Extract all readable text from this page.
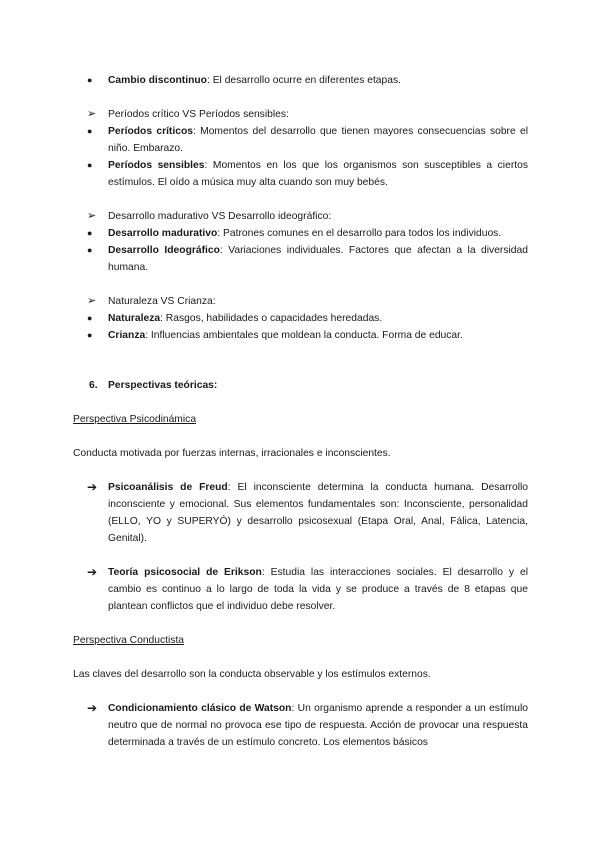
●	Cambio discontinuo: El desarrollo ocurre en diferentes etapas.
➢	Períodos crítico VS Períodos sensibles:
●	Períodos críticos: Momentos del desarrollo que tienen mayores consecuencias sobre el niño. Embarazo.
●	Períodos sensibles: Momentos en los que los organismos son susceptibles a ciertos estímulos. El oído a música muy alta cuando son muy bebés.
➢	Desarrollo madurativo VS Desarrollo ideográfico:
●	Desarrollo madurativo: Patrones comunes en el desarrollo para todos los individuos.
●	Desarrollo Ideográfico: Variaciones individuales. Factores que afectan a la diversidad humana.
➢	Naturaleza VS Crianza:
●	Naturaleza: Rasgos, habilidades o capacidades heredadas.
●	Crianza: Influencias ambientales que moldean la conducta. Forma de educar.
6. Perspectivas teóricas:
Perspectiva Psicodinámica
Conducta motivada por fuerzas internas, irracionales e inconscientes.
➔	Psicoanálisis de Freud: El inconsciente determina la conducta humana. Desarrollo inconsciente y emocional. Sus elementos fundamentales son: Inconsciente, personalidad (ELLO, YO y SUPERYÓ) y desarrollo psicosexual (Etapa Oral, Anal, Fálica, Latencia, Genital).
➔	Teoría psicosocial de Erikson: Estudia las interacciones sociales. El desarrollo y el cambio es continuo a lo largo de toda la vida y se produce a través de 8 etapas que plantean conflictos que el individuo debe resolver.
Perspectiva Conductista
Las claves del desarrollo son la conducta observable y los estímulos externos.
➔	Condicionamiento clásico de Watson: Un organismo aprende a responder a un estímulo neutro que de normal no provoca ese tipo de respuesta. Acción de provocar una respuesta determinada a través de un estímulo concreto. Los elementos básicos
